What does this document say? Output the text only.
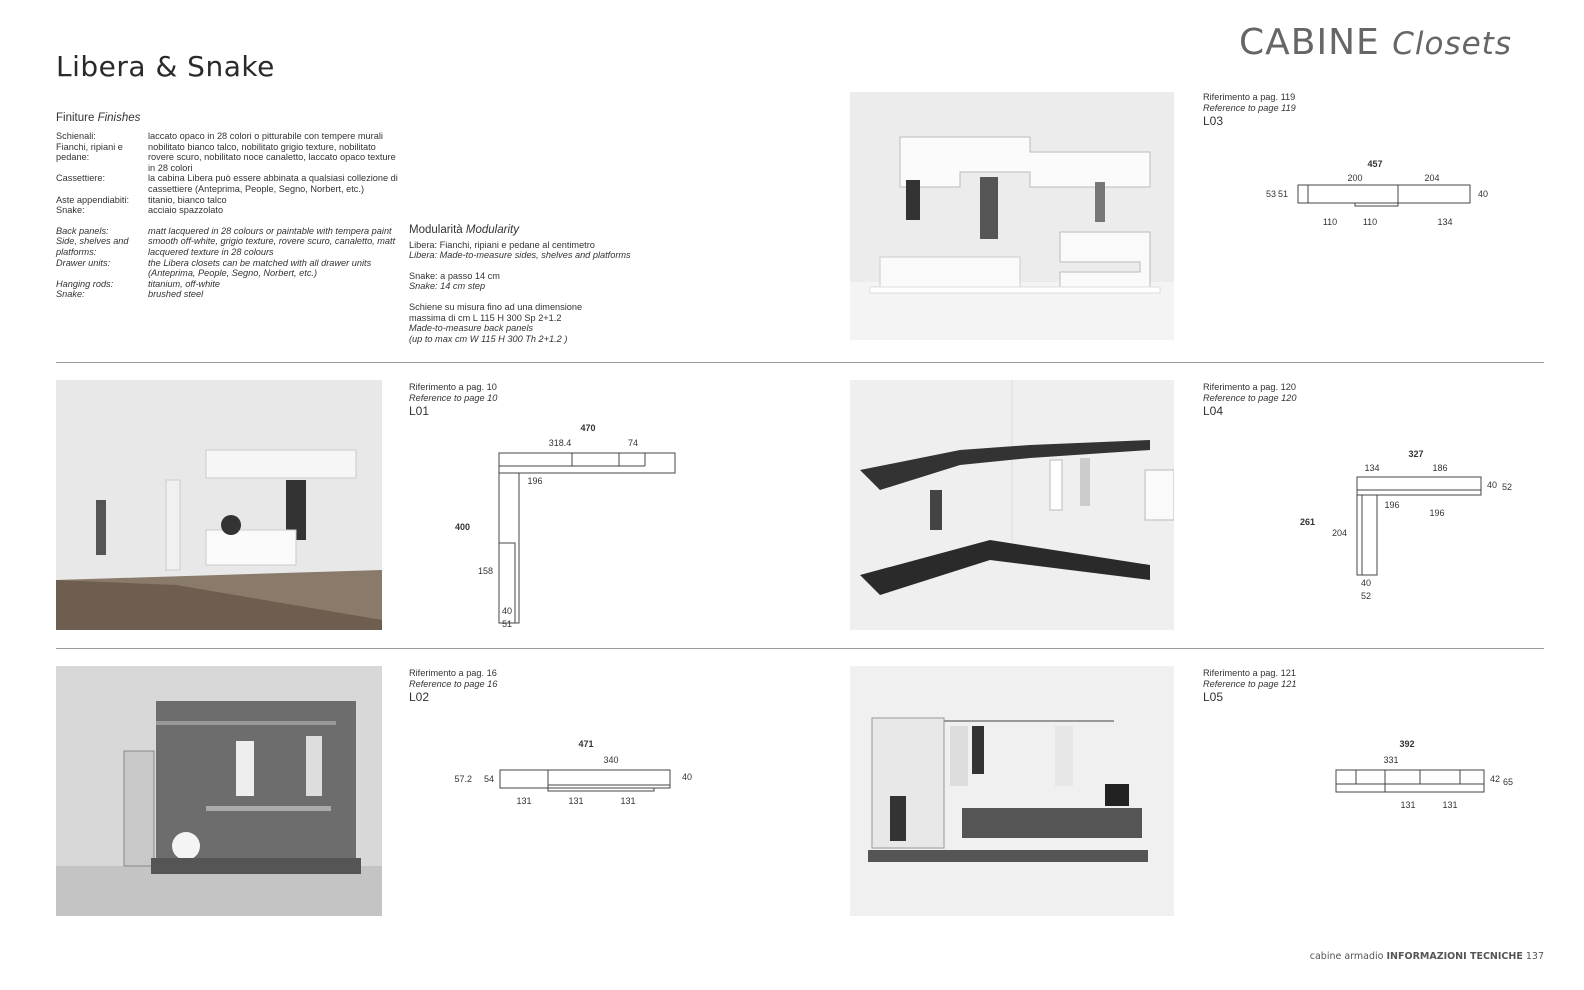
Libera & Snake
CABINE Closets
Finiture Finishes
Schienali:	laccato opaco in 28 colori o pitturabile con tempere murali
Fianchi, ripiani e pedane:
nobilitato bianco talco, nobilitato grigio texture, nobilitato rovere scuro, nobilitato noce canaletto, laccato opaco texture in 28 colori
Cassettiere:	la cabina Libera può essere abbinata a qualsiasi collezione di cassettiere (Anteprima, People, Segno, Norbert, etc.)
Aste appendiabiti:	titanio, bianco talco
Snake:	acciaio spazzolato
Back panels:	matt lacquered in 28 colours or paintable with tempera paint
Side, shelves and platforms:
smooth off-white, grigio texture, rovere scuro, canaletto, matt lacquered texture in 28 colours
Drawer units:	the Libera closets can be matched with all drawer units (Anteprima, People, Segno, Norbert, etc.)
Hanging rods:	titanium, off-white
Snake:	brushed steel
Modularità Modularity
Libera: Fianchi, ripiani e pedane al centimetro
Libera: Made-to-measure sides, shelves and platforms
Snake: a passo 14 cm
Snake: 14 cm step
Schiene su misura fino ad una dimensione
massima di cm L 115 H 300 Sp 2+1.2
Made-to-measure back panels
(up to max cm W 115 H 300 Th 2+1.2 )
Riferimento a pag. 119
Reference to page 119
L03
Riferimento a pag. 10
Reference to page 10
L01
Riferimento a pag. 120
Reference to page 120
L04
Riferimento a pag. 16
Reference to page 16
L02
Riferimento a pag. 121
Reference to page 121
L05
457
200	204
53 51	40
110	110	134
470
318.4	74
196
400
158
40
51
327
134	186
40 52
196
196
261
204
40
52
471
340
57.2 54	40
131	131	131
392
331
42 65
131	131
cabine armadio INFORMAZIONI TECNICHE 137
